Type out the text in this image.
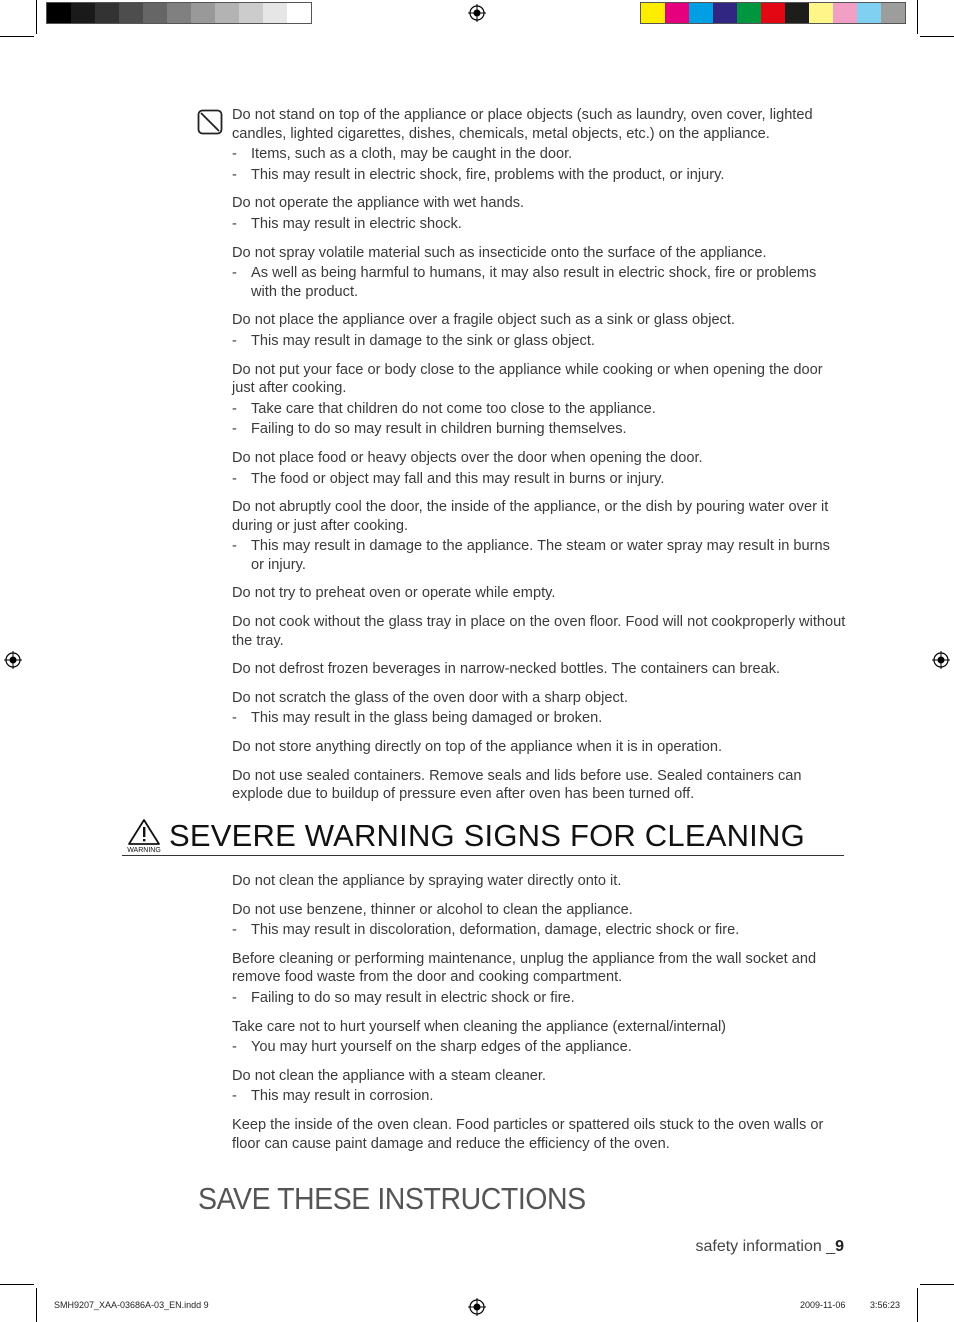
Do not stand on top of the appliance or place objects (such as laundry, oven cover, lighted candles, lighted cigarettes, dishes, chemicals, metal objects, etc.) on the appliance.

- Items, such as a cloth, may be caught in the door.
- This may result in electric shock, fire, problems with the product, or injury.

Do not operate the appliance with wet hands.

- This may result in electric shock.

Do not spray volatile material such as insecticide onto the surface of the appliance.

- As well as being harmful to humans, it may also result in electric shock, fire or problems with the product.

Do not place the appliance over a fragile object such as a sink or glass object.

- This may result in damage to the sink or glass object.

Do not put your face or body close to the appliance while cooking or when opening the door just after cooking.

- Take care that children do not come too close to the appliance.
- Failing to do so may result in children burning themselves.

Do not place food or heavy objects over the door when opening the door.

- The food or object may fall and this may result in burns or injury.

Do not abruptly cool the door, the inside of the appliance, or the dish by pouring water over it during or just after cooking.

- This may result in damage to the appliance. The steam or water spray may result in burns or injury.

Do not try to preheat oven or operate while empty.

Do not cook without the glass tray in place on the oven floor. Food will not cookproperly without the tray.

Do not defrost frozen beverages in narrow-necked bottles. The containers can break.

Do not scratch the glass of the oven door with a sharp object.

- This may result in the glass being damaged or broken.

Do not store anything directly on top of the appliance when it is in operation.

Do not use sealed containers. Remove seals and lids before use. Sealed containers can explode due to buildup of pressure even after oven has been turned off.

WARNING SEVERE WARNING SIGNS FOR CLEANING

Do not clean the appliance by spraying water directly onto it.

Do not use benzene, thinner or alcohol to clean the appliance.

- This may result in discoloration, deformation, damage, electric shock or fire.

Before cleaning or performing maintenance, unplug the appliance from the wall socket and remove food waste from the door and cooking compartment.

- Failing to do so may result in electric shock or fire.

Take care not to hurt yourself when cleaning the appliance (external/internal)

- You may hurt yourself on the sharp edges of the appliance.

Do not clean the appliance with a steam cleaner.

- This may result in corrosion.

Keep the inside of the oven clean. Food particles or spattered oils stuck to the oven walls or floor can cause paint damage and reduce the efficiency of the oven.

SAVE THESE INSTRUCTIONS
safety information _9
SMH9207_XAA-03686A-03_EN.indd 9	2009-11-06	3:56:23
